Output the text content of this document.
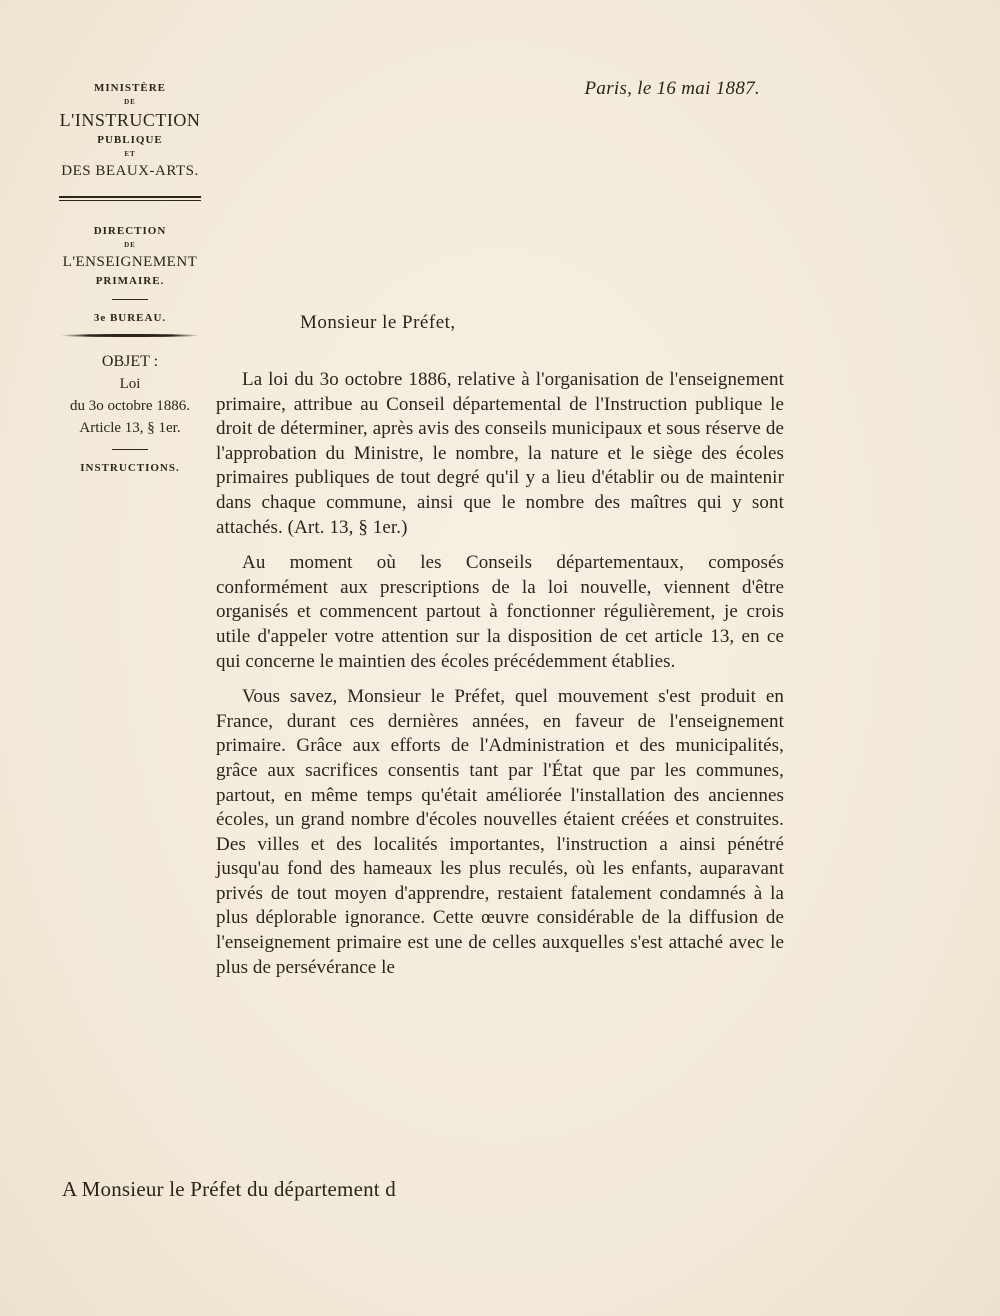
MINISTÈRE
DE
L'INSTRUCTION
PUBLIQUE
ET
DES BEAUX-ARTS.
DIRECTION
DE
L'ENSEIGNEMENT
PRIMAIRE.
3e BUREAU.
OBJET :
Loi
du 3o octobre 1886.
Article 13, § 1er.
INSTRUCTIONS.
Paris, le 16 mai 1887.
Monsieur le Préfet,

La loi du 3o octobre 1886, relative à l'organisation de l'enseignement primaire, attribue au Conseil départemental de l'Instruction publique le droit de déterminer, après avis des conseils municipaux et sous réserve de l'approbation du Ministre, le nombre, la nature et le siège des écoles primaires publiques de tout degré qu'il y a lieu d'établir ou de maintenir dans chaque commune, ainsi que le nombre des maîtres qui y sont attachés. (Art. 13, § 1er.)

Au moment où les Conseils départementaux, composés conformément aux prescriptions de la loi nouvelle, viennent d'être organisés et commencent partout à fonctionner régulièrement, je crois utile d'appeler votre attention sur la disposition de cet article 13, en ce qui concerne le maintien des écoles précédemment établies.

Vous savez, Monsieur le Préfet, quel mouvement s'est produit en France, durant ces dernières années, en faveur de l'enseignement primaire. Grâce aux efforts de l'Administration et des municipalités, grâce aux sacrifices consentis tant par l'État que par les communes, partout, en même temps qu'était améliorée l'installation des anciennes écoles, un grand nombre d'écoles nouvelles étaient créées et construites. Des villes et des localités importantes, l'instruction a ainsi pénétré jusqu'au fond des hameaux les plus reculés, où les enfants, auparavant privés de tout moyen d'apprendre, restaient fatalement condamnés à la plus déplorable ignorance. Cette œuvre considérable de la diffusion de l'enseignement primaire est une de celles auxquelles s'est attaché avec le plus de persévérance le

A Monsieur le Préfet du département d
